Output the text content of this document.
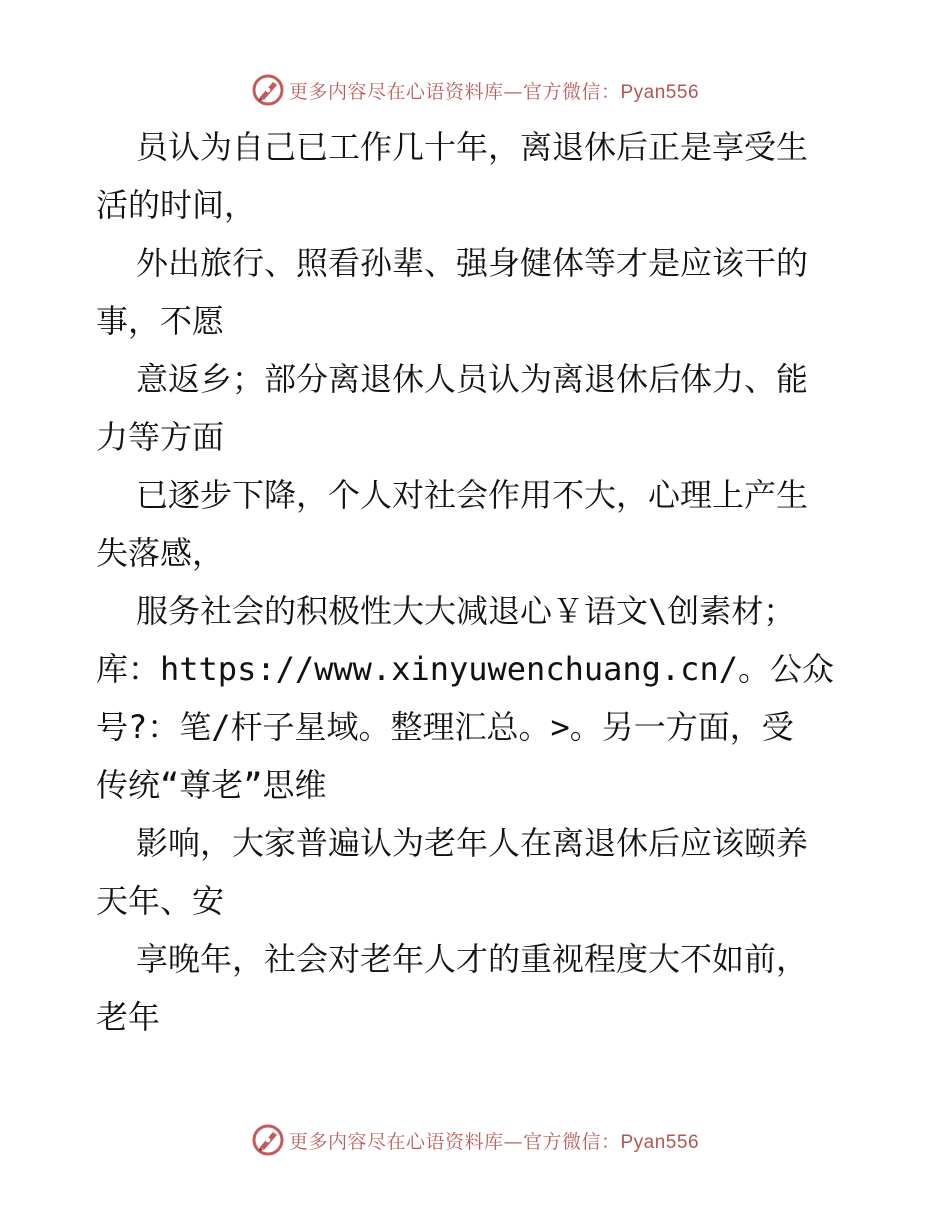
更多内容尽在心语资料库—官方微信：Pyan556

员认为自己已工作几十年，离退休后正是享受生

活的时间，

外出旅行、照看孙辈、强身健体等才是应该干的

事，不愿

意返乡；部分离退休人员认为离退休后体力、能

力等方面

已逐步下降，个人对社会作用不大，心理上产生

失落感，

服务社会的积极性大大减退心￥语文\创素材；

库：https://www.xinyuwenchuang.cn/。公众

号?：笔/杆子星域。整理汇总。>。另一方面，受

传统“尊老”思维

影响，大家普遍认为老年人在离退休后应该颐养

天年、安

享晚年，社会对老年人才的重视程度大不如前，

老年

更多内容尽在心语资料库—官方微信：Pyan556
